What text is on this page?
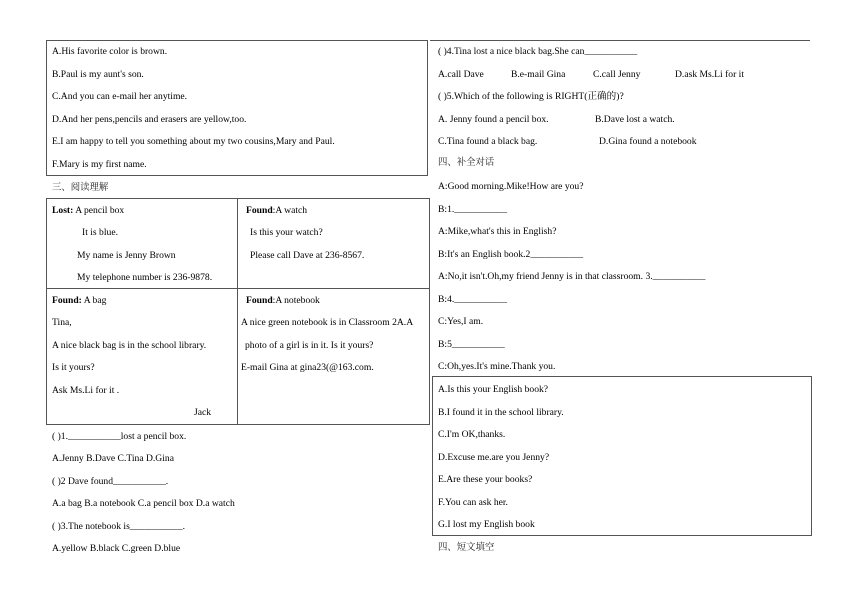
A.His favorite color is brown.
B.Paul is my aunt's son.
C.And you can e-mail her anytime.
D.And her pens,pencils and erasers are yellow,too.
E.I am happy to tell you something about my two cousins,Mary and Paul.
F.Mary is my first name.
三、阅读理解
Lost: A pencil box
It is blue.
My name is Jenny Brown
My telephone number is 236-9878.
Found:A watch
Is this your watch?
Please call Dave at 236-8567.
Found: A bag
Tina,
A nice black bag is in the school library.
Is it yours?
Ask Ms.Li for it .
Jack
Found:A notebook
A nice green notebook is in Classroom 2A.A
photo of a girl is in it. Is it yours?
E-mail Gina at gina23(@163.com.
( )1.___________lost a pencil box.
A.Jenny B.Dave C.Tina D.Gina
( )2 Dave found___________.
A.a bag B.a notebook C.a pencil box D.a watch
( )3.The notebook is___________.
A.yellow B.black C.green D.blue
( )4.Tina lost a nice black bag.She can___________
A.call Dave	B.e-mail Gina	C.call Jenny	D.ask Ms.Li for it
( )5.Which of the following is RIGHT(正确的)?
A. Jenny found a pencil box.	B.Dave lost a watch.
C.Tina found a black bag.	D.Gina found a notebook
四、补全对话
A:Good morning.Mike!How are you?
B:1.___________
A:Mike,what's this in English?
B:It's an English book.2___________
A:No,it isn't.Oh,my friend Jenny is in that classroom. 3.___________
B:4.___________
C:Yes,I am.
B:5___________
C:Oh,yes.It's mine.Thank you.
A.Is this your English book?
B.I found it in the school library.
C.I'm OK,thanks.
D.Excuse me.are you Jenny?
E.Are these your books?
F.You can ask her.
G.I lost my English book
四、短文填空
